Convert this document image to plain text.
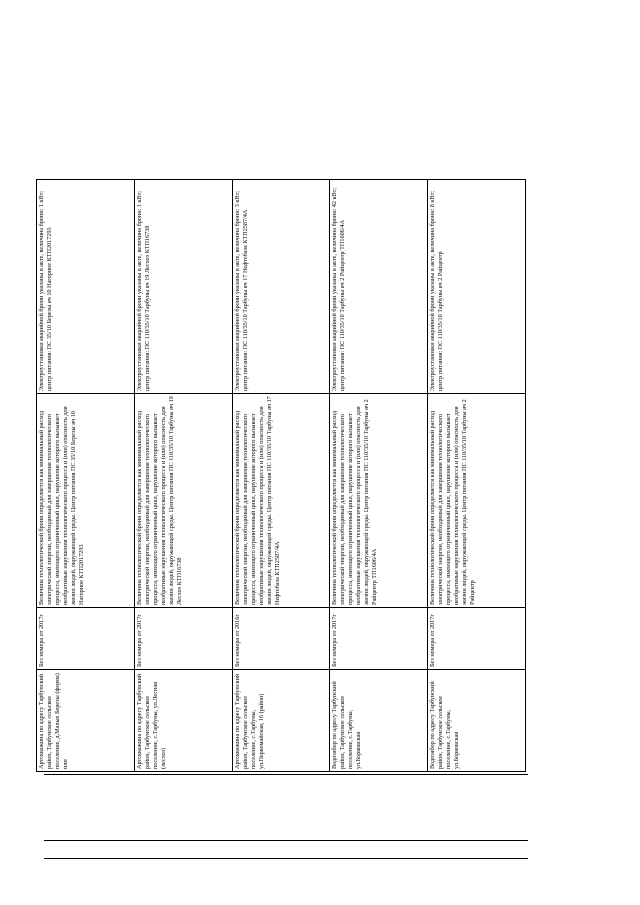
Артскважина по адресу Тарбунский район, Тарбунское сельское поселение, д.Малые Березы (ферма) или	Без номера от 2017г	Величина технологической брони определяется как минимальный расход электрической энергии, необходимый для завершения технологического процесса, имеющего ограниченный цикл, нарушение которого вызывает необратимые нарушения технологического процесса и (или) опасность для жизни людей, окружающей среды. Центр питания ПС 35/10 Березы яч 10 Нагорное КТП2017293	Электроустановки аварийной брони указаны в акте, величина брони: 1 кВт; центр питания: ПС 35/10 Березы яч 10 Нагорное КТП2017293
Артскважина по адресу Тарбунский район, Тарбунское сельское поселение, с.Тарбуны, ул.Лесная (лесхоз)	Без номера от 2017г	Величина технологической брони определяется как минимальный расход электрической энергии, необходимый для завершения технологического процесса, имеющего ограниченный цикл, нарушение которого вызывает необратимые нарушения технологического процесса и (или) опасность для жизни людей, окружающей среды. Центр питания ПС 110/35/10 Тарбуны яч 19 Лесхоз КТП16738	Электроустановки аварийной брони указаны в акте, величина брони: 1 кВт; центр питания: ПС 110/35/10 Тарбуны яч 19 Лесхоз КТП16738
Артскважина по адресу Тарбунский район, Тарбунское сельское поселение, с.Тарбуны, ул.Первомайская, 16 (район)	Без номера от 2016г	Величина технологической брони определяется как минимальный расход электрической энергии, необходимый для завершения технологического процесса, имеющего ограниченный цикл, нарушение которого вызывает необратимые нарушения технологического процесса и (или) опасность для жизни людей, окружающей среды. Центр питания ПС 110/35/10 Тарбуны яч 17 Нефтебаза КТП2587/4А	Электроустановки аварийной брони указаны в акте, величина брони: 3 кВт; центр питания: ПС 110/35/10 Тарбуны яч 17 Нефтебаза КТП2587/4А
Водозабор по адресу Тарбунский район, Тарбунское сельское поселение, с.Тарбуны, ул.Борковская	Без номера от 2017г	Величина технологической брони определяется как минимальный расход электрической энергии, необходимый для завершения технологического процесса, имеющего ограниченный цикл, нарушение которого вызывает необратимые нарушения технологического процесса и (или) опасность для жизни людей, окружающей среды. Центр питания ПС 110/35/10 Тарбуны яч 2 Райцентр ТП1606/4А	Электроустановки аварийной брони указаны в акте, величина брони: 42 кВт; центр питания: ПС 110/35/10 Тарбуны яч 2 Райцентр ТП1606/4А
Водозабор по адресу Тарбунский район, Тарбунское сельское поселение, с.Тарбуны, ул.Борковская	Без номера от 2017г	Величина технологической брони определяется как минимальный расход электрической энергии, необходимый для завершения технологического процесса, имеющего ограниченный цикл, нарушение которого вызывает необратимые нарушения технологического процесса и (или) опасность для жизни людей, окружающей среды. Центр питания ПС 110/35/10 Тарбуны яч 2 Райцентр	Электроустановки аварийной брони указаны в акте, величина брони: 8 кВт; центр питания: ПС 110/35/10 Тарбуны яч 2 Райцентр
